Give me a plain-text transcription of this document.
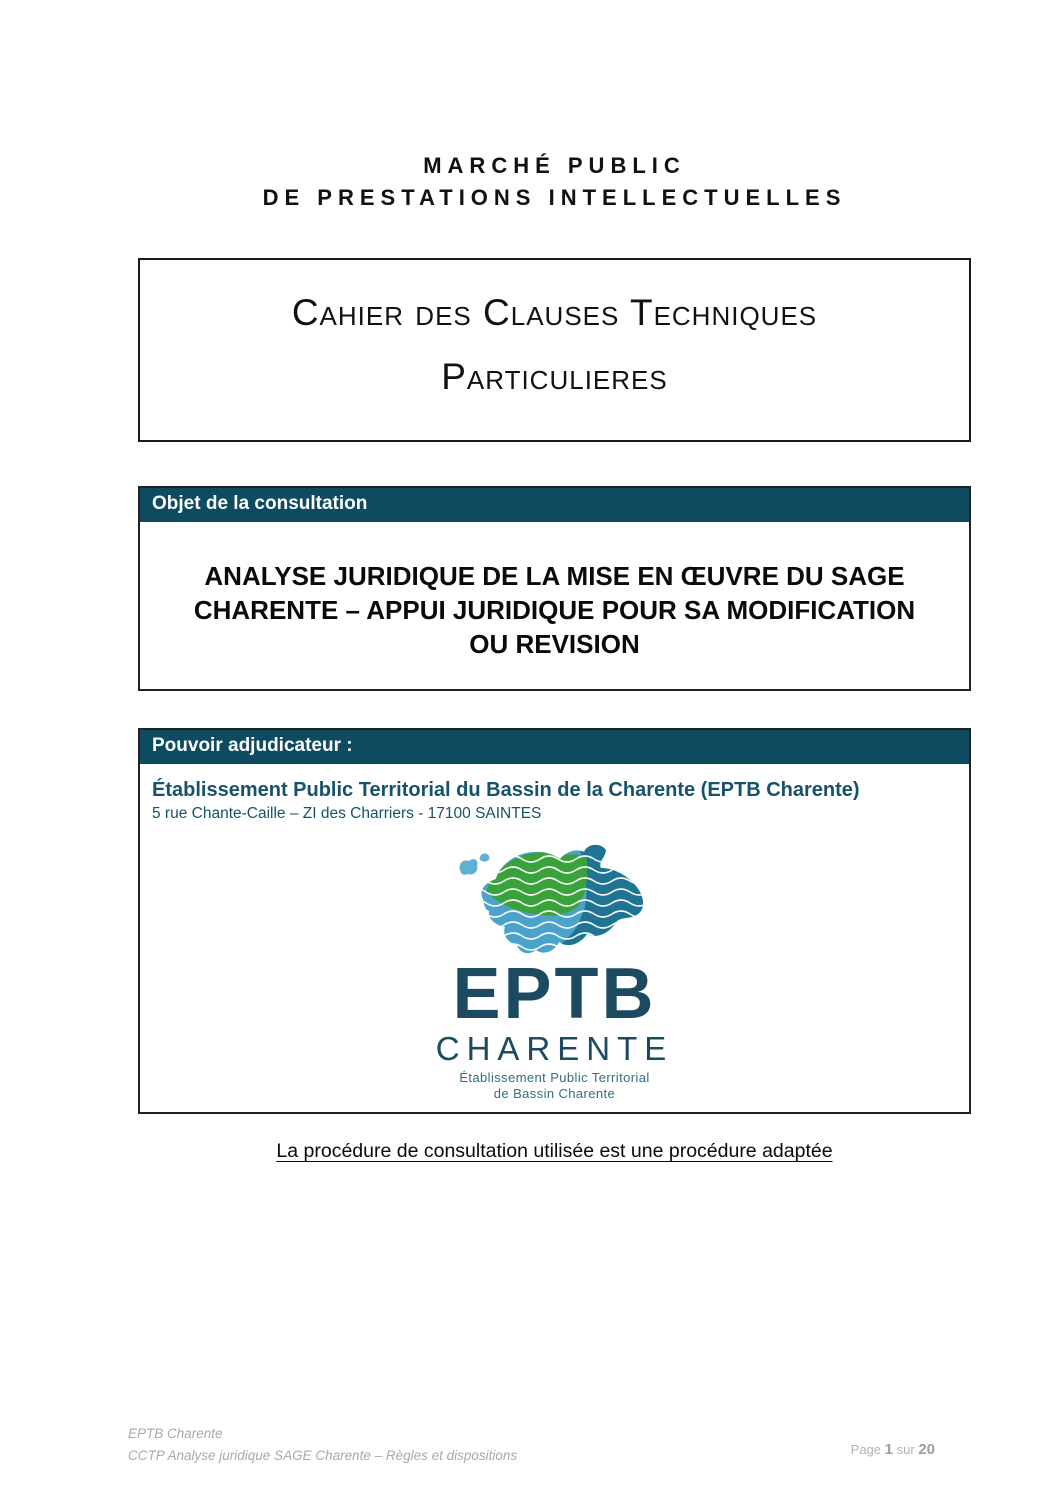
MARCHÉ PUBLIC
DE PRESTATIONS INTELLECTUELLES
Cahier des Clauses Techniques
Particulieres
Objet de la consultation
ANALYSE JURIDIQUE DE LA MISE EN ŒUVRE DU SAGE
CHARENTE – APPUI JURIDIQUE POUR SA MODIFICATION
OU REVISION
Pouvoir adjudicateur :
Établissement Public Territorial du Bassin de la Charente (EPTB Charente)
5 rue Chante-Caille – ZI des Charriers - 17100 SAINTES
EPTB
CHARENTE
Établissement Public Territorial
de Bassin Charente
La procédure de consultation utilisée est une procédure adaptée
EPTB Charente
CCTP Analyse juridique SAGE Charente – Règles et dispositions	Page 1 sur 20
